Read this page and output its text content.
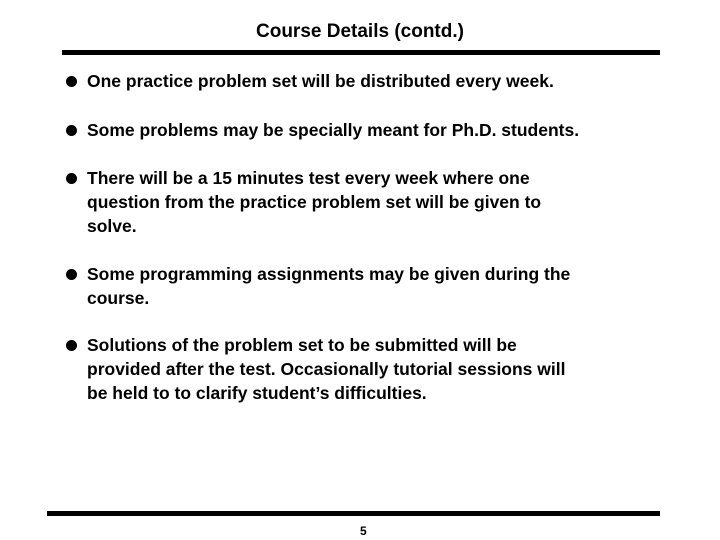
Course Details (contd.)
One practice problem set will be distributed every week.
Some problems may be specially meant for Ph.D. students.
There will be a 15 minutes test every week where one
question from the practice problem set will be given to
solve.
Some programming assignments may be given during the
course.
Solutions of the problem set to be submitted will be
provided after the test. Occasionally tutorial sessions will
be held to to clarify student’s difficulties.
5
